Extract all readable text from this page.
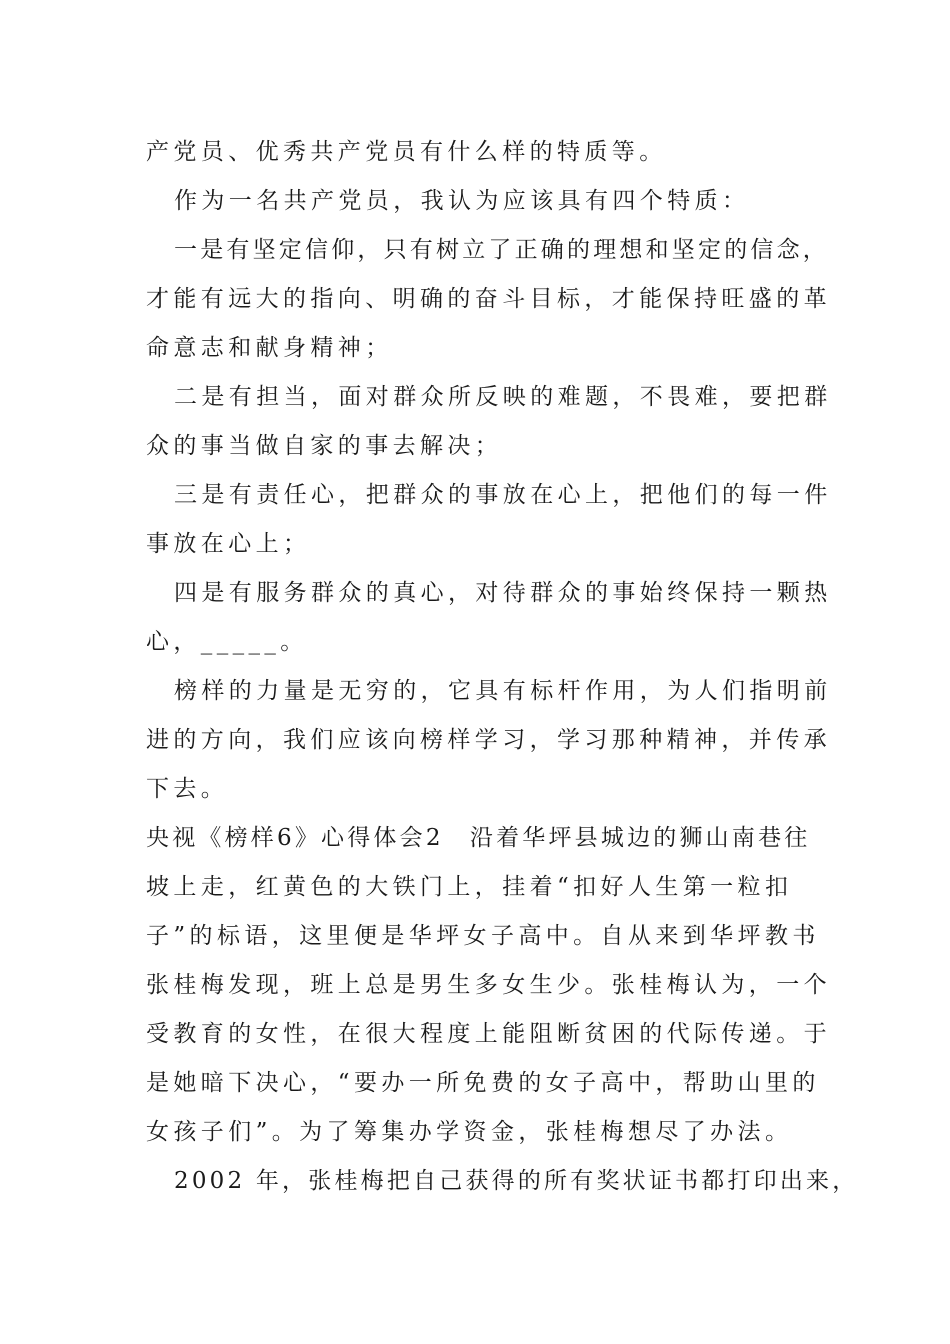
产党员、优秀共产党员有什么样的特质等。
作为一名共产党员，我认为应该具有四个特质：
一是有坚定信仰，只有树立了正确的理想和坚定的信念，
才能有远大的指向、明确的奋斗目标，才能保持旺盛的革
命意志和献身精神；
二是有担当，面对群众所反映的难题，不畏难，要把群
众的事当做自家的事去解决；
三是有责任心，把群众的事放在心上，把他们的每一件
事放在心上；
四是有服务群众的真心，对待群众的事始终保持一颗热
心，_____。
榜样的力量是无穷的，它具有标杆作用，为人们指明前
进的方向，我们应该向榜样学习，学习那种精神，并传承
下去。
央视《榜样6》心得体会2　沿着华坪县城边的狮山南巷往
坡上走，红黄色的大铁门上，挂着“扣好人生第一粒扣
子”的标语，这里便是华坪女子高中。自从来到华坪教书
张桂梅发现，班上总是男生多女生少。张桂梅认为，一个
受教育的女性，在很大程度上能阻断贫困的代际传递。于
是她暗下决心，“要办一所免费的女子高中，帮助山里的
女孩子们”。为了筹集办学资金，张桂梅想尽了办法。
2002 年，张桂梅把自己获得的所有奖状证书都打印出来，
